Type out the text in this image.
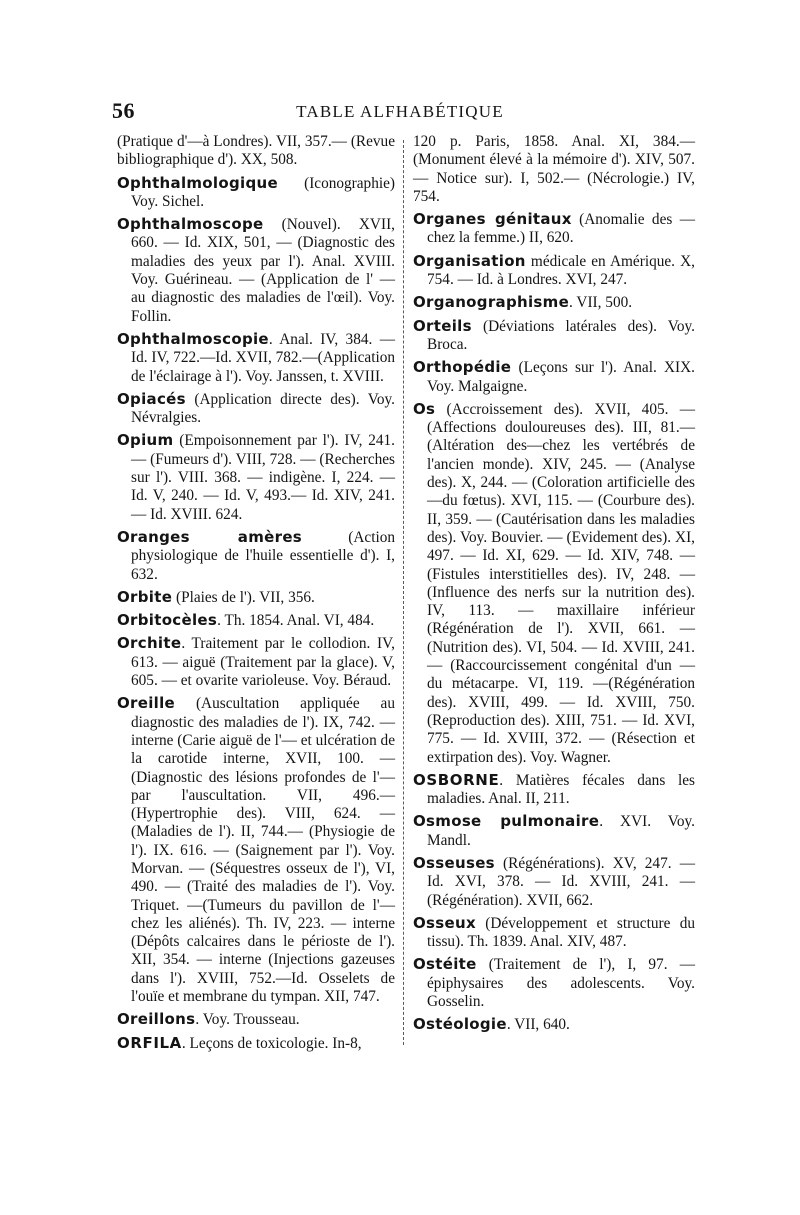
56	TABLE ALFHABÉTIQUE

(Pratique d'—à Londres). VII, 357.— (Revue bibliographique d'). XX, 508.

Ophthalmologique (Iconographie) Voy. Sichel.

Ophthalmoscope (Nouvel). XVII, 660. — Id. XIX, 501, — (Diagnostic des maladies des yeux par l'). Anal. XVIII. Voy. Guérineau. — (Application de l' — au diagnostic des maladies de l'œil). Voy. Follin.

Ophthalmoscopie. Anal. IV, 384. —Id. IV, 722.—Id. XVII, 782.—(Application de l'éclairage à l'). Voy. Janssen, t. XVIII.

Opiacés (Application directe des). Voy. Névralgies.

Opium (Empoisonnement par l'). IV, 241. — (Fumeurs d'). VIII, 728. — (Recherches sur l'). VIII. 368. — indigène. I, 224. — Id. V, 240. — Id. V, 493.— Id. XIV, 241.— Id. XVIII. 624.

Oranges amères (Action physiologique de l'huile essentielle d'). I, 632.

Orbite (Plaies de l'). VII, 356.

Orbitocèles. Th. 1854. Anal. VI, 484.

Orchite. Traitement par le collodion. IV, 613. — aiguë (Traitement par la glace). V, 605. — et ovarite varioleuse. Voy. Béraud.

Oreille (Auscultation appliquée au diagnostic des maladies de l'). IX, 742. —interne (Carie aiguë de l'— et ulcération de la carotide interne, XVII, 100. — (Diagnostic des lésions profondes de l'— par l'auscultation. VII, 496.— (Hypertrophie des). VIII, 624. — (Maladies de l'). II, 744.— (Physiogie de l'). IX. 616. — (Saignement par l'). Voy. Morvan. — (Séquestres osseux de l'), VI, 490. — (Traité des maladies de l'). Voy. Triquet. —(Tumeurs du pavillon de l'— chez les aliénés). Th. IV, 223. — interne (Dépôts calcaires dans le périoste de l'). XII, 354. — interne (Injections gazeuses dans l'). XVIII, 752.—Id. Osselets de l'ouïe et membrane du tympan. XII, 747.

Oreillons. Voy. Trousseau.

ORFILA. Leçons de toxicologie. In-8,

120 p. Paris, 1858. Anal. XI, 384.— (Monument élevé à la mémoire d'). XIV, 507. — Notice sur). I, 502.— (Nécrologie.) IV, 754.

Organes génitaux (Anomalie des —chez la femme.) II, 620.

Organisation médicale en Amérique. X, 754. — Id. à Londres. XVI, 247.

Organographisme. VII, 500.

Orteils (Déviations latérales des). Voy. Broca.

Orthopédie (Leçons sur l'). Anal. XIX. Voy. Malgaigne.

Os (Accroissement des). XVII, 405. — (Affections douloureuses des). III, 81.—(Altération des—chez les vertébrés de l'ancien monde). XIV, 245. — (Analyse des). X, 244. — (Coloration artificielle des—du fœtus). XVI, 115. — (Courbure des). II, 359. — (Cautérisation dans les maladies des). Voy. Bouvier. — (Evidement des). XI, 497. — Id. XI, 629. — Id. XIV, 748. — (Fistules interstitielles des). IV, 248. — (Influence des nerfs sur la nutrition des). IV, 113. — maxillaire inférieur (Régénération de l'). XVII, 661. — (Nutrition des). VI, 504. — Id. XVIII, 241. — (Raccourcissement congénital d'un — du métacarpe. VI, 119. —(Régénération des). XVIII, 499. — Id. XVIII, 750. (Reproduction des). XIII, 751. — Id. XVI, 775. — Id. XVIII, 372. — (Résection et extirpation des). Voy. Wagner.

OSBORNE. Matières fécales dans les maladies. Anal. II, 211.

Osmose pulmonaire. XVI. Voy. Mandl.

Osseuses (Régénérations). XV, 247. — Id. XVI, 378. — Id. XVIII, 241. — (Régénération). XVII, 662.

Osseux (Développement et structure du tissu). Th. 1839. Anal. XIV, 487.

Ostéite (Traitement de l'), I, 97. — épiphysaires des adolescents. Voy. Gosselin.

Ostéologie. VII, 640.
